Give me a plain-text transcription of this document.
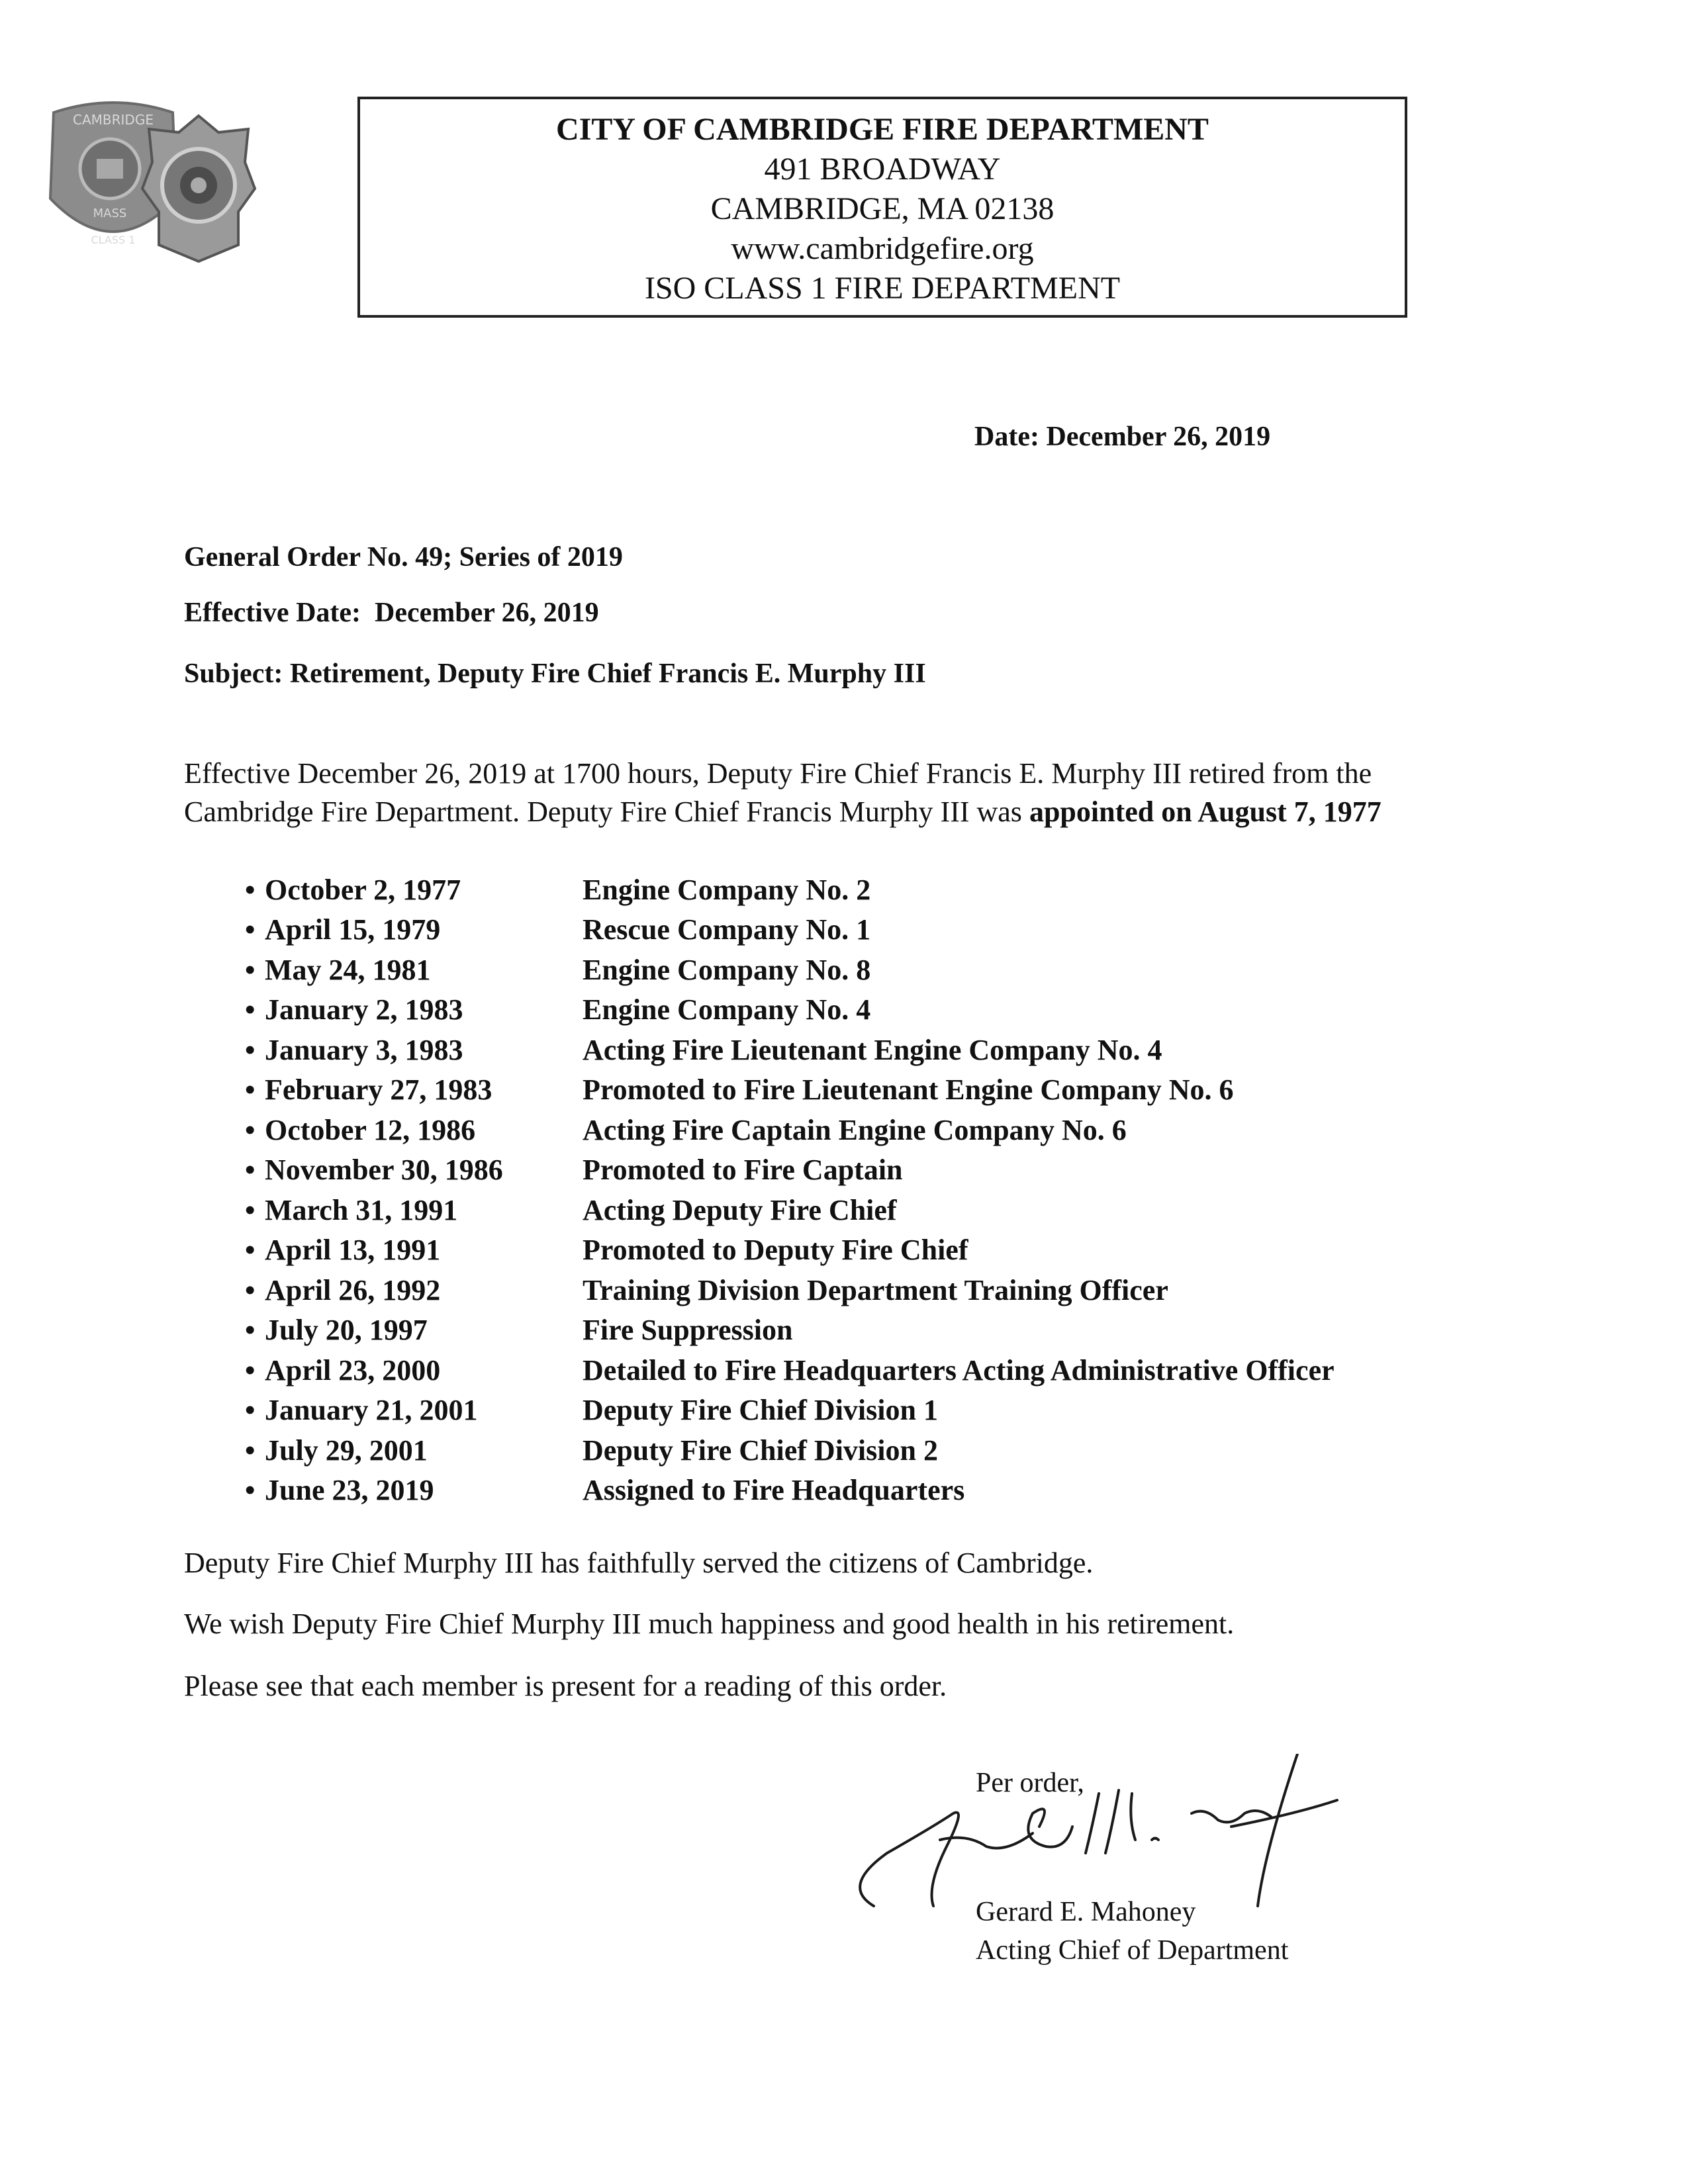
CAMBRIDGE
MASS
CLASS 1
CITY OF CAMBRIDGE FIRE DEPARTMENT
491 BROADWAY
CAMBRIDGE, MA 02138
www.cambridgefire.org
ISO CLASS 1 FIRE DEPARTMENT
Date: December 26, 2019
General Order No. 49; Series of 2019
Effective Date: December 26, 2019
Subject: Retirement, Deputy Fire Chief Francis E. Murphy III
Effective December 26, 2019 at 1700 hours, Deputy Fire Chief Francis E. Murphy III retired from the
Cambridge Fire Department. Deputy Fire Chief Francis Murphy III was appointed on August 7, 1977
• October 2, 1977	Engine Company No. 2
• April 15, 1979	Rescue Company No. 1
• May 24, 1981	Engine Company No. 8
• January 2, 1983	Engine Company No. 4
• January 3, 1983	Acting Fire Lieutenant Engine Company No. 4
• February 27, 1983	Promoted to Fire Lieutenant Engine Company No. 6
• October 12, 1986	Acting Fire Captain Engine Company No. 6
• November 30, 1986	Promoted to Fire Captain
• March 31, 1991	Acting Deputy Fire Chief
• April 13, 1991	Promoted to Deputy Fire Chief
• April 26, 1992	Training Division Department Training Officer
• July 20, 1997	Fire Suppression
• April 23, 2000	Detailed to Fire Headquarters Acting Administrative Officer
• January 21, 2001	Deputy Fire Chief Division 1
• July 29, 2001	Deputy Fire Chief Division 2
• June 23, 2019	Assigned to Fire Headquarters
Deputy Fire Chief Murphy III has faithfully served the citizens of Cambridge.
We wish Deputy Fire Chief Murphy III much happiness and good health in his retirement.
Please see that each member is present for a reading of this order.
Per order,
Gerard E. Mahoney
Acting Chief of Department
